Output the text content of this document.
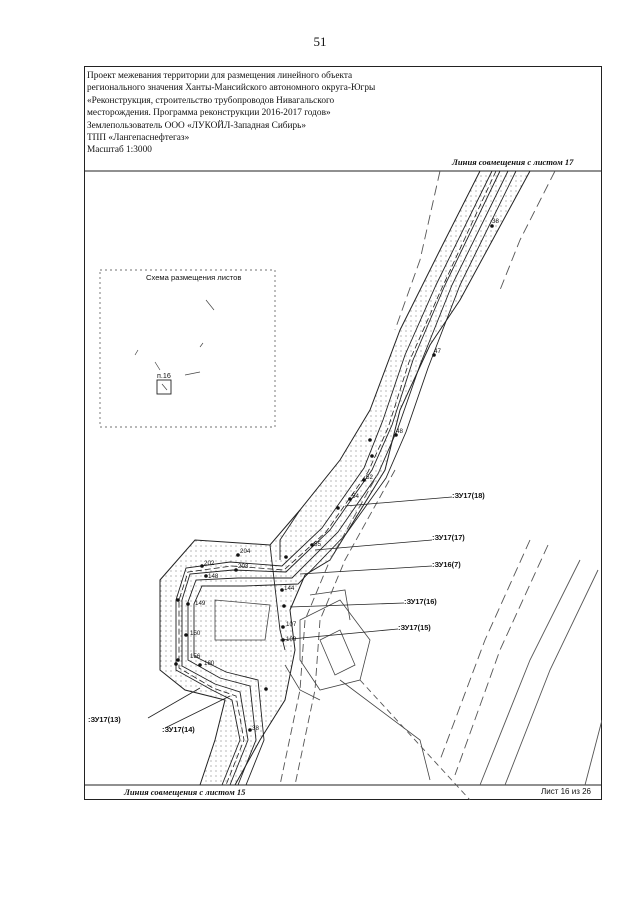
51
Проект межевания территории для размещения линейного объекта регионального значения Ханты-Мансийского автономного округа-Югры «Реконструкция, строительство трубопроводов Нивагальского месторождения. Программа реконструкции 2016-2017 годов»
Землепользователь ООО «ЛУКОЙЛ-Западная Сибирь»
ТПП «Лангепаснефтегаз»
Масштаб 1:3000
Линия совмещения с листом 17
Линия совмещения с листом 15	Лист 16 из 26
Схема размещения листов
п.16
:ЗУ17(18)
:ЗУ17(17)
:ЗУ16(7)
:ЗУ17(16)
:ЗУ17(15)
:ЗУ17(13)
:ЗУ17(14)
38
47
48
52
54
55
204
203
202
148
149
144
107
109
150
156
160
38
